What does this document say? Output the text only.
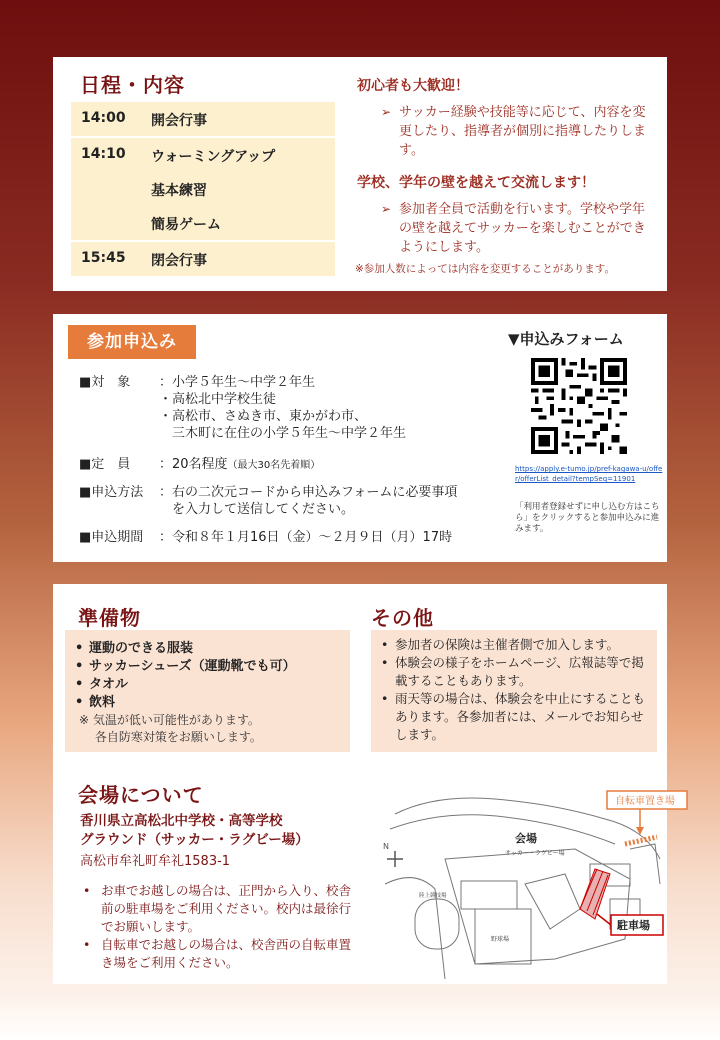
日程・内容
14:00 開会行事
14:10 ウォーミングアップ
基本練習
簡易ゲーム
15:45 閉会行事
初心者も大歓迎！
➢ サッカー経験や技能等に応じて、内容を変更したり、指導者が個別に指導したりします。
学校、学年の壁を越えて交流します！
➢ 参加者全員で活動を行います。学校や学年の壁を越えてサッカーを楽しむことができようにします。
※参加人数によっては内容を変更することがあります。
参加申込み
■対　象 ：小学５年生～中学２年生
・高松北中学校生徒
・高松市、さぬき市、東かがわ市、
　三木町に在住の小学５年生～中学２年生
■定　員 ：20名程度（最大30名先着順）
■申込方法 ：右の二次元コードから申込みフォームに必要事項
　を入力して送信してください。
■申込期間 ：令和８年１月16日（金）～２月９日（月）17時
▼申込みフォーム
https://apply.e-tumo.jp/pref-kagawa-u/offer/offerList_detail?tempSeq=11901
「利用者登録せずに申し込む方はこちら」をクリックすると参加申込みに進みます。
準備物
• 運動のできる服装
• サッカーシューズ（運動靴でも可）
• タオル
• 飲料
※ 気温が低い可能性があります。
　 各自防寒対策をお願いします。
その他
• 参加者の保険は主催者側で加入します。
• 体験会の様子をホームページ、広報誌等で掲載することもあります。
• 雨天等の場合は、体験会を中止にすることもあります。各参加者には、メールでお知らせします。
会場について
香川県立高松北中学校・高等学校
グラウンド（サッカー・ラグビー場）
高松市牟礼町牟礼1583-1
• お車でお越しの場合は、正門から入り、校舎前の駐車場をご利用ください。校内は最徐行でお願いします。
• 自転車でお越しの場合は、校舎西の自転車置き場をご利用ください。
N
会場
サッカー・ラグビー場
野球場
陸上競技場
自転車置き場
駐車場
